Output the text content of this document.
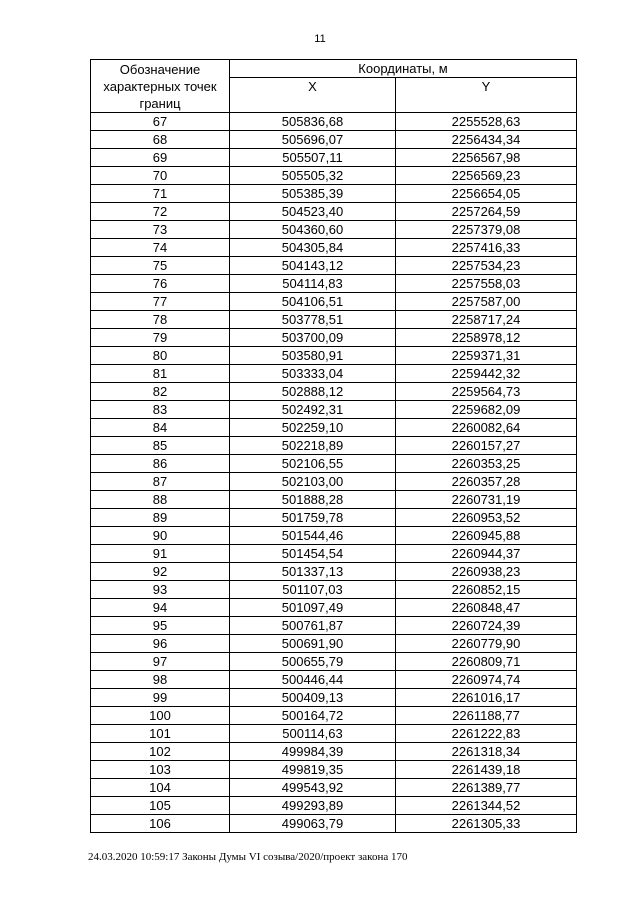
11
Обозначение характерных точек границ	Координаты, м	
	X	Y
67	505836,68	2255528,63
68	505696,07	2256434,34
69	505507,11	2256567,98
70	505505,32	2256569,23
71	505385,39	2256654,05
72	504523,40	2257264,59
73	504360,60	2257379,08
74	504305,84	2257416,33
75	504143,12	2257534,23
76	504114,83	2257558,03
77	504106,51	2257587,00
78	503778,51	2258717,24
79	503700,09	2258978,12
80	503580,91	2259371,31
81	503333,04	2259442,32
82	502888,12	2259564,73
83	502492,31	2259682,09
84	502259,10	2260082,64
85	502218,89	2260157,27
86	502106,55	2260353,25
87	502103,00	2260357,28
88	501888,28	2260731,19
89	501759,78	2260953,52
90	501544,46	2260945,88
91	501454,54	2260944,37
92	501337,13	2260938,23
93	501107,03	2260852,15
94	501097,49	2260848,47
95	500761,87	2260724,39
96	500691,90	2260779,90
97	500655,79	2260809,71
98	500446,44	2260974,74
99	500409,13	2261016,17
100	500164,72	2261188,77
101	500114,63	2261222,83
102	499984,39	2261318,34
103	499819,35	2261439,18
104	499543,92	2261389,77
105	499293,89	2261344,52
106	499063,79	2261305,33
24.03.2020 10:59:17 Законы Думы VI созыва/2020/проект закона 170
